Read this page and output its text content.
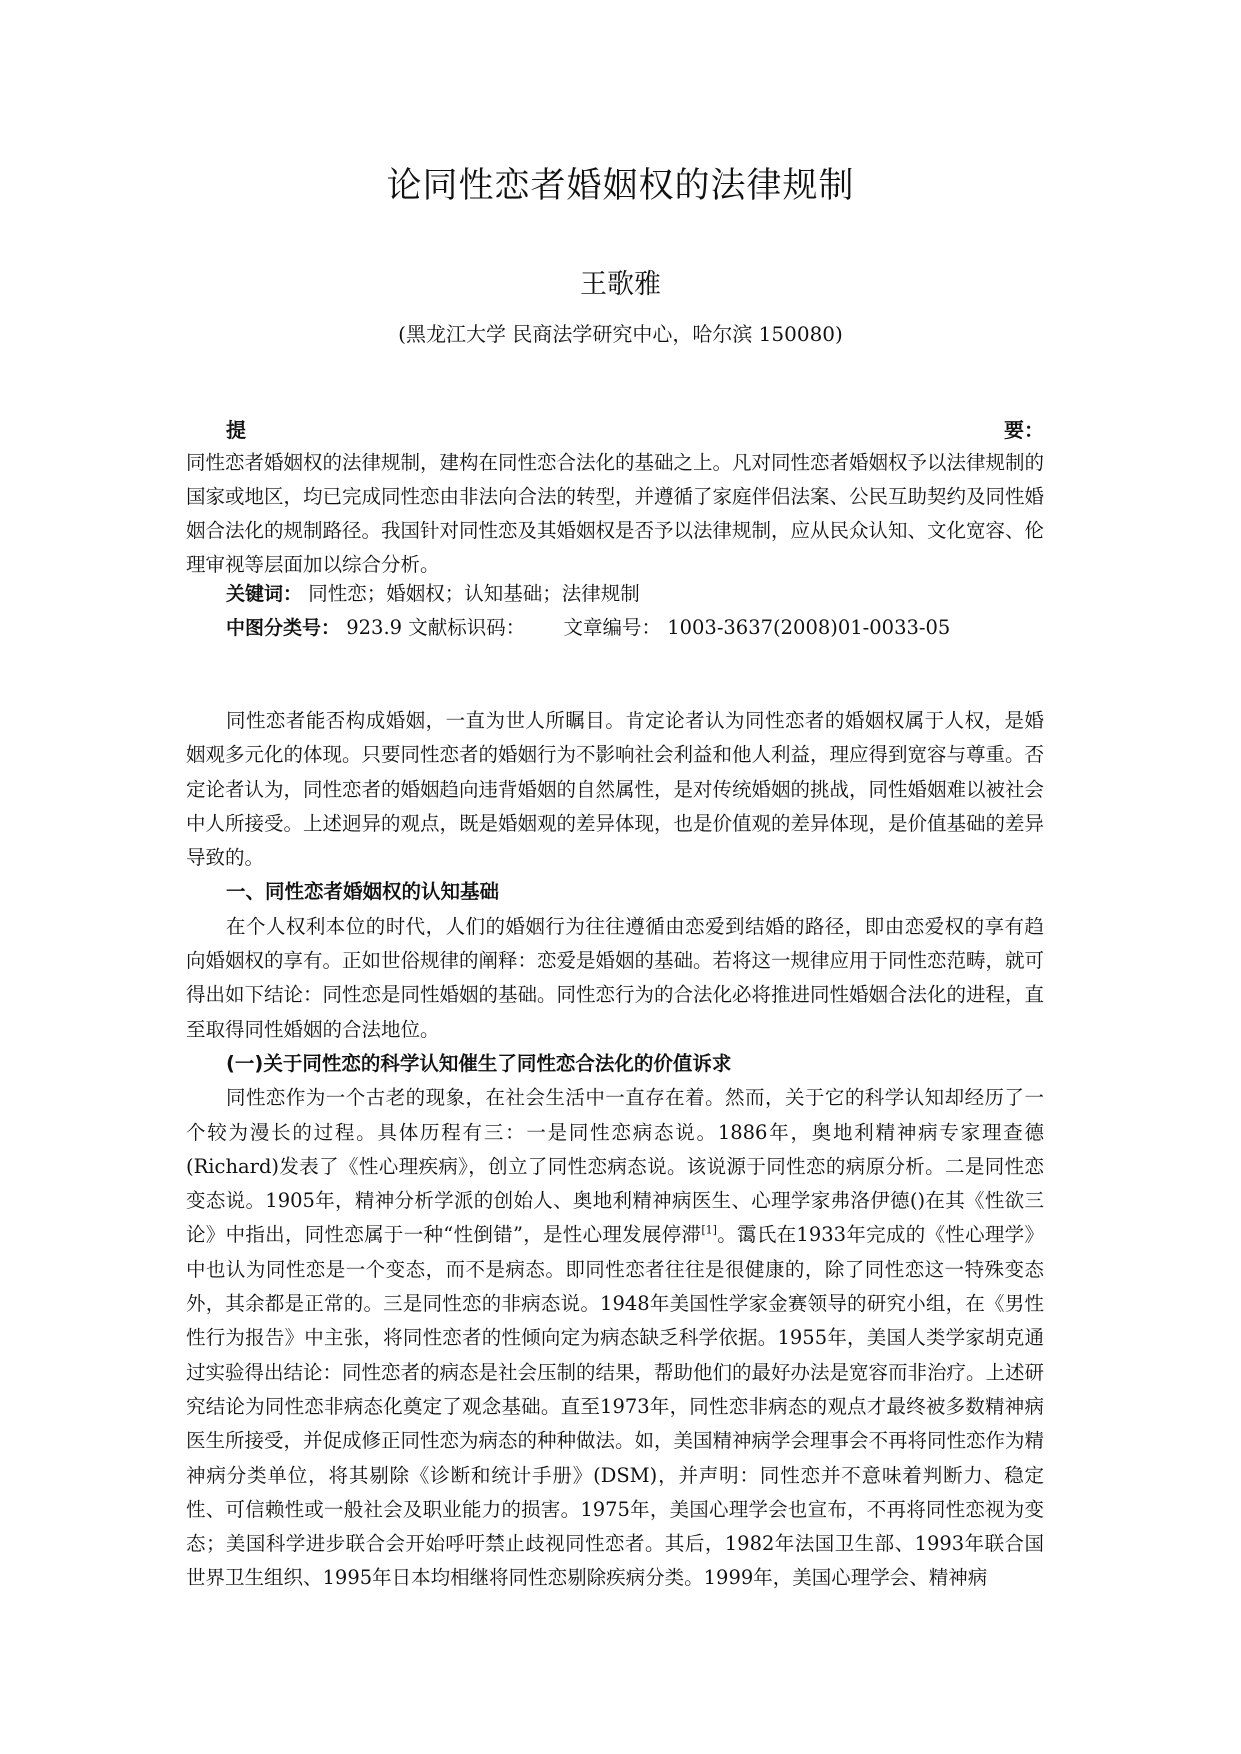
论同性恋者婚姻权的法律规制
王歌雅
(黑龙江大学 民商法学研究中心，哈尔滨 150080)
提	要：
同性恋者婚姻权的法律规制，建构在同性恋合法化的基础之上。凡对同性恋者婚姻权予以法律规制的国家或地区，均已完成同性恋由非法向合法的转型，并遵循了家庭伴侣法案、公民互助契约及同性婚姻合法化的规制路径。我国针对同性恋及其婚姻权是否予以法律规制，应从民众认知、文化宽容、伦理审视等层面加以综合分析。
关键词： 同性恋；婚姻权；认知基础；法律规制
中图分类号： 923.9 文献标识码： 文章编号： 1003-3637(2008)01-0033-05

同性恋者能否构成婚姻，一直为世人所瞩目。肯定论者认为同性恋者的婚姻权属于人权，是婚姻观多元化的体现。只要同性恋者的婚姻行为不影响社会利益和他人利益，理应得到宽容与尊重。否定论者认为，同性恋者的婚姻趋向违背婚姻的自然属性，是对传统婚姻的挑战，同性婚姻难以被社会中人所接受。上述迥异的观点，既是婚姻观的差异体现，也是价值观的差异体现，是价值基础的差异导致的。

一、同性恋者婚姻权的认知基础

在个人权利本位的时代，人们的婚姻行为往往遵循由恋爱到结婚的路径，即由恋爱权的享有趋向婚姻权的享有。正如世俗规律的阐释：恋爱是婚姻的基础。若将这一规律应用于同性恋范畴，就可得出如下结论：同性恋是同性婚姻的基础。同性恋行为的合法化必将推进同性婚姻合法化的进程，直至取得同性婚姻的合法地位。

(一)关于同性恋的科学认知催生了同性恋合法化的价值诉求

同性恋作为一个古老的现象，在社会生活中一直存在着。然而，关于它的科学认知却经历了一个较为漫长的过程。具体历程有三：一是同性恋病态说。1886年，奥地利精神病专家理查德(Richard)发表了《性心理疾病》，创立了同性恋病态说。该说源于同性恋的病原分析。二是同性恋变态说。1905年，精神分析学派的创始人、奥地利精神病医生、心理学家弗洛伊德()在其《性欲三论》中指出，同性恋属于一种“性倒错”，是性心理发展停滞[1]。霭氏在1933年完成的《性心理学》中也认为同性恋是一个变态，而不是病态。即同性恋者往往是很健康的，除了同性恋这一特殊变态外，其余都是正常的。三是同性恋的非病态说。1948年美国性学家金赛领导的研究小组，在《男性性行为报告》中主张，将同性恋者的性倾向定为病态缺乏科学依据。1955年，美国人类学家胡克通过实验得出结论：同性恋者的病态是社会压制的结果，帮助他们的最好办法是宽容而非治疗。上述研究结论为同性恋非病态化奠定了观念基础。直至1973年，同性恋非病态的观点才最终被多数精神病医生所接受，并促成修正同性恋为病态的种种做法。如，美国精神病学会理事会不再将同性恋作为精神病分类单位，将其剔除《诊断和统计手册》(DSM)，并声明：同性恋并不意味着判断力、稳定性、可信赖性或一般社会及职业能力的损害。1975年，美国心理学会也宣布，不再将同性恋视为变态；美国科学进步联合会开始呼吁禁止歧视同性恋者。其后，1982年法国卫生部、1993年联合国世界卫生组织、1995年日本均相继将同性恋剔除疾病分类。1999年，美国心理学会、精神病
